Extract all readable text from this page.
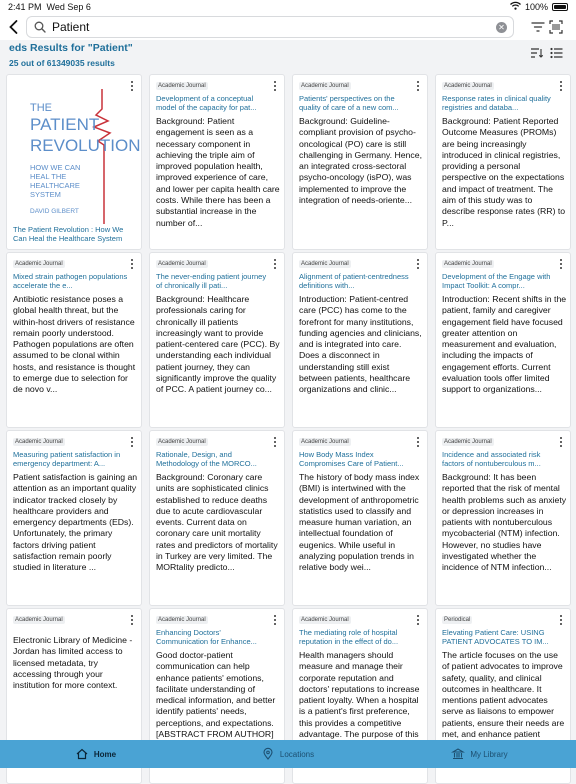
2:41 PM Wed Sep 6	100%
Patient
✕
eds Results for "Patient"
25 out of 61349035 results
THE
PATIENT
REVOLUTION
HOW WE CAN
HEAL THE
HEALTHCARE
SYSTEM
DAVID GILBERT
The Patient Revolution : How We Can Heal the Healthcare System
Academic Journal
Development of a conceptual model of the capacity for pat...
Background: Patient engagement is seen as a necessary component in achieving the triple aim of improved population health, improved experience of care, and lower per capita health care costs. While there has been a substantial increase in the number of...
Academic Journal
Patients' perspectives on the quality of care of a new com...
Background: Guideline-compliant provision of psycho-oncological (PO) care is still challenging in Germany. Hence, an integrated cross-sectoral psycho-oncology (isPO), was implemented to improve the integration of needs-oriente...
Academic Journal
Response rates in clinical quality registries and databa...
Background: Patient Reported Outcome Measures (PROMs) are being increasingly introduced in clinical registries, providing a personal perspective on the expectations and impact of treatment. The aim of this study was to describe response rates (RR) to P...
Academic Journal
Mixed strain pathogen populations accelerate the e...
Antibiotic resistance poses a global health threat, but the within-host drivers of resistance remain poorly understood. Pathogen populations are often assumed to be clonal within hosts, and resistance is thought to emerge due to selection for de novo v...
Academic Journal
The never-ending patient journey of chronically ill pati...
Background: Healthcare professionals caring for chronically ill patients increasingly want to provide patient-centered care (PCC). By understanding each individual patient journey, they can significantly improve the quality of PCC. A patient journey co...
Academic Journal
Alignment of patient-centredness definitions with...
Introduction: Patient-centred care (PCC) has come to the forefront for many institutions, funding agencies and clinicians, and is integrated into care. Does a disconnect in understanding still exist between patients, healthcare organizations and clinic...
Academic Journal
Development of the Engage with Impact Toolkit: A compr...
Introduction: Recent shifts in the patient, family and caregiver engagement field have focused greater attention on measurement and evaluation, including the impacts of engagement efforts. Current evaluation tools offer limited support to organizations...
Academic Journal
Measuring patient satisfaction in emergency department: A...
Patient satisfaction is gaining an attention as an important quality indicator tracked closely by healthcare providers and emergency departments (EDs). Unfortunately, the primary factors driving patient satisfaction remain poorly studied in literature ...
Academic Journal
Rationale, Design, and Methodology of the MORCO...
Background: Coronary care units are sophisticated clinics established to reduce deaths due to acute cardiovascular events. Current data on coronary care unit mortality rates and predictors of mortality in Turkey are very limited. The MORtality predicto...
Academic Journal
How Body Mass Index Compromises Care of Patient...
The history of body mass index (BMI) is intertwined with the development of anthropometric statistics used to classify and measure human variation, an intellectual foundation of eugenics. While useful in analyzing population trends in relative body wei...
Academic Journal
Incidence and associated risk factors of nontuberculous m...
Background: It has been reported that the risk of mental health problems such as anxiety or depression increases in patients with nontuberculous mycobacterial (NTM) infection. However, no studies have investigated whether the incidence of NTM infection...
Academic Journal
Electronic Library of Medicine - Jordan has limited access to licensed metadata, try accessing through your institution for more context.
Academic Journal
Enhancing Doctors' Communication for Enhance...
Good doctor-patient communication can help enhance patients' emotions, facilitate understanding of medical information, and better identify patients' needs, perceptions, and expectations. [ABSTRACT FROM AUTHOR]
Academic Journal
The mediating role of hospital reputation in the effect of do...
Health managers should measure and manage their corporate reputation and doctors' reputations to increase patient loyalty. When a hospital is a patient's first preference, this provides a competitive advantage. The purpose of this
Periodical
Elevating Patient Care: USING PATIENT ADVOCATES TO IM...
The article focuses on the use of patient advocates to improve safety, quality, and clinical outcomes in healthcare. It mentions patient advocates serve as liaisons to empower patients, ensure their needs are met, and enhance patient
Home	Locations	My Library
